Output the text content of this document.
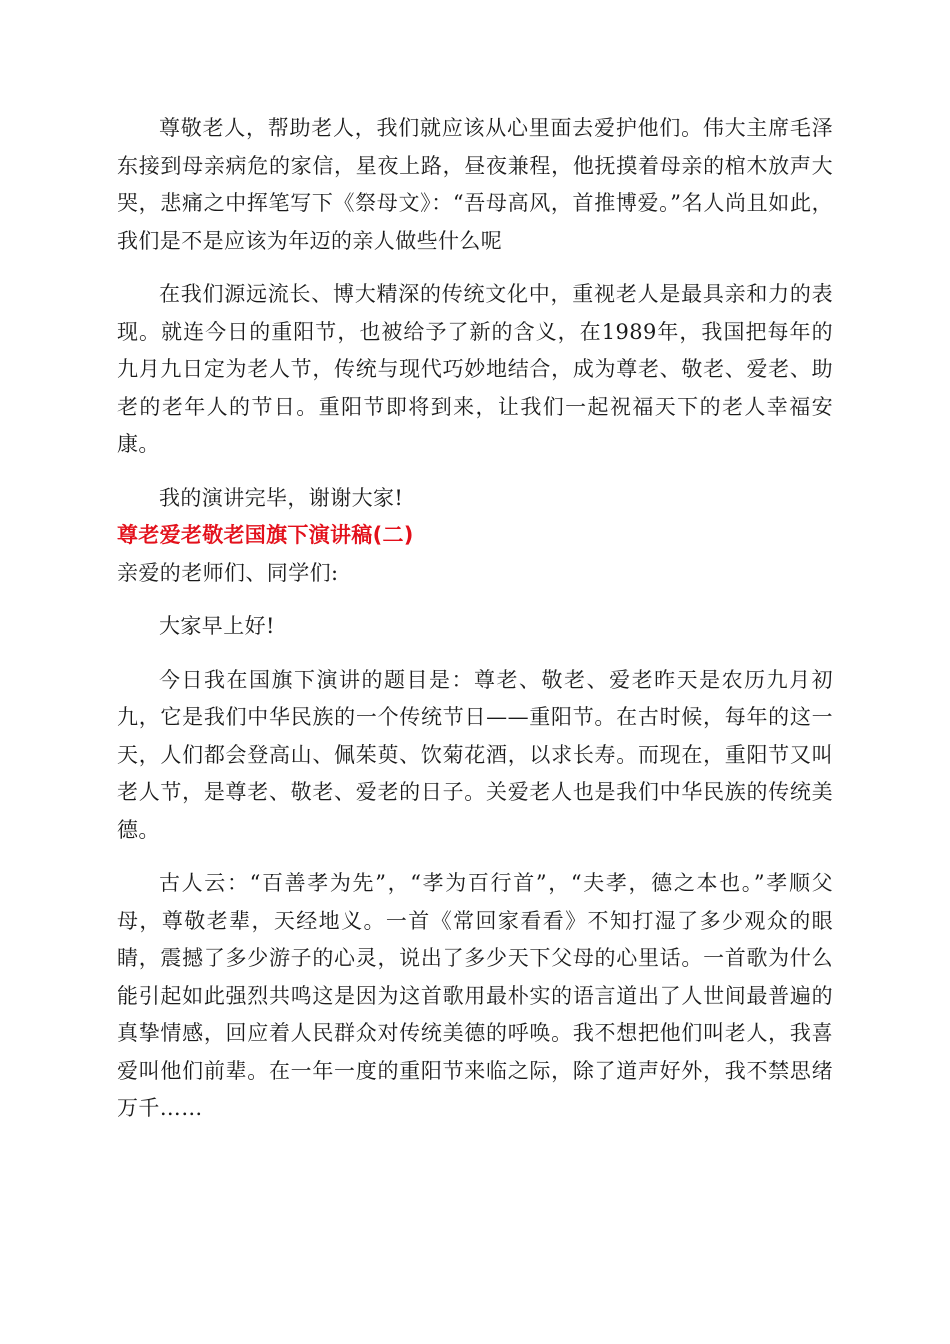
尊敬老人，帮助老人，我们就应该从心里面去爱护他们。伟大主席毛泽东接到母亲病危的家信，星夜上路，昼夜兼程，他抚摸着母亲的棺木放声大哭，悲痛之中挥笔写下《祭母文》：“吾母高风，首推博爱。”名人尚且如此，我们是不是应该为年迈的亲人做些什么呢

在我们源远流长、博大精深的传统文化中，重视老人是最具亲和力的表现。就连今日的重阳节，也被给予了新的含义，在1989年，我国把每年的九月九日定为老人节，传统与现代巧妙地结合，成为尊老、敬老、爱老、助老的老年人的节日。重阳节即将到来，让我们一起祝福天下的老人幸福安康。

我的演讲完毕，谢谢大家!

尊老爱老敬老国旗下演讲稿(二)

亲爱的老师们、同学们:

大家早上好!

今日我在国旗下演讲的题目是：尊老、敬老、爱老昨天是农历九月初九，它是我们中华民族的一个传统节日——重阳节。在古时候，每年的这一天，人们都会登高山、佩茱萸、饮菊花酒，以求长寿。而现在，重阳节又叫老人节，是尊老、敬老、爱老的日子。关爱老人也是我们中华民族的传统美德。

古人云：“百善孝为先”，“孝为百行首”，“夫孝，德之本也。”孝顺父母，尊敬老辈，天经地义。一首《常回家看看》不知打湿了多少观众的眼睛，震撼了多少游子的心灵，说出了多少天下父母的心里话。一首歌为什么能引起如此强烈共鸣这是因为这首歌用最朴实的语言道出了人世间最普遍的真挚情感，回应着人民群众对传统美德的呼唤。我不想把他们叫老人，我喜爱叫他们前辈。在一年一度的重阳节来临之际，除了道声好外，我不禁思绪万千……
